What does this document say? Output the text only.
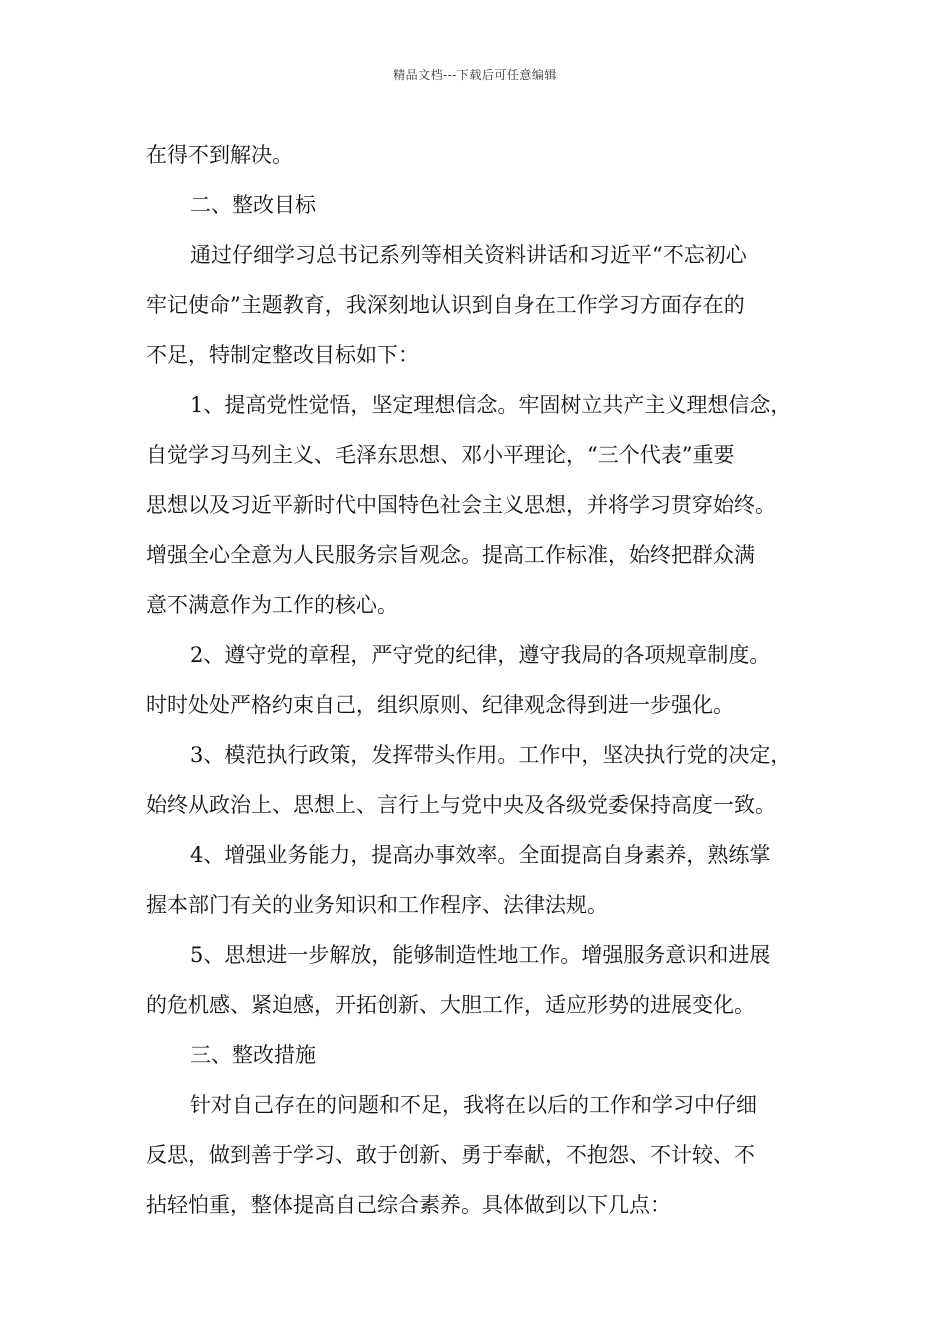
精品文档---下载后可任意编辑
在得不到解决。
二、整改目标
通过仔细学习总书记系列等相关资料讲话和习近平“不忘初心
牢记使命”主题教育，我深刻地认识到自身在工作学习方面存在的
不足，特制定整改目标如下：
1、提高党性觉悟，坚定理想信念。牢固树立共产主义理想信念，
自觉学习马列主义、毛泽东思想、邓小平理论，“三个代表”重要
思想以及习近平新时代中国特色社会主义思想，并将学习贯穿始终。
增强全心全意为人民服务宗旨观念。提高工作标准，始终把群众满
意不满意作为工作的核心。
2、遵守党的章程，严守党的纪律，遵守我局的各项规章制度。
时时处处严格约束自己，组织原则、纪律观念得到进一步强化。
3、模范执行政策，发挥带头作用。工作中，坚决执行党的决定，
始终从政治上、思想上、言行上与党中央及各级党委保持高度一致。
4、增强业务能力，提高办事效率。全面提高自身素养，熟练掌
握本部门有关的业务知识和工作程序、法律法规。
5、思想进一步解放，能够制造性地工作。增强服务意识和进展
的危机感、紧迫感，开拓创新、大胆工作，适应形势的进展变化。
三、整改措施
针对自己存在的问题和不足，我将在以后的工作和学习中仔细
反思，做到善于学习、敢于创新、勇于奉献，不抱怨、不计较、不
拈轻怕重，整体提高自己综合素养。具体做到以下几点：
